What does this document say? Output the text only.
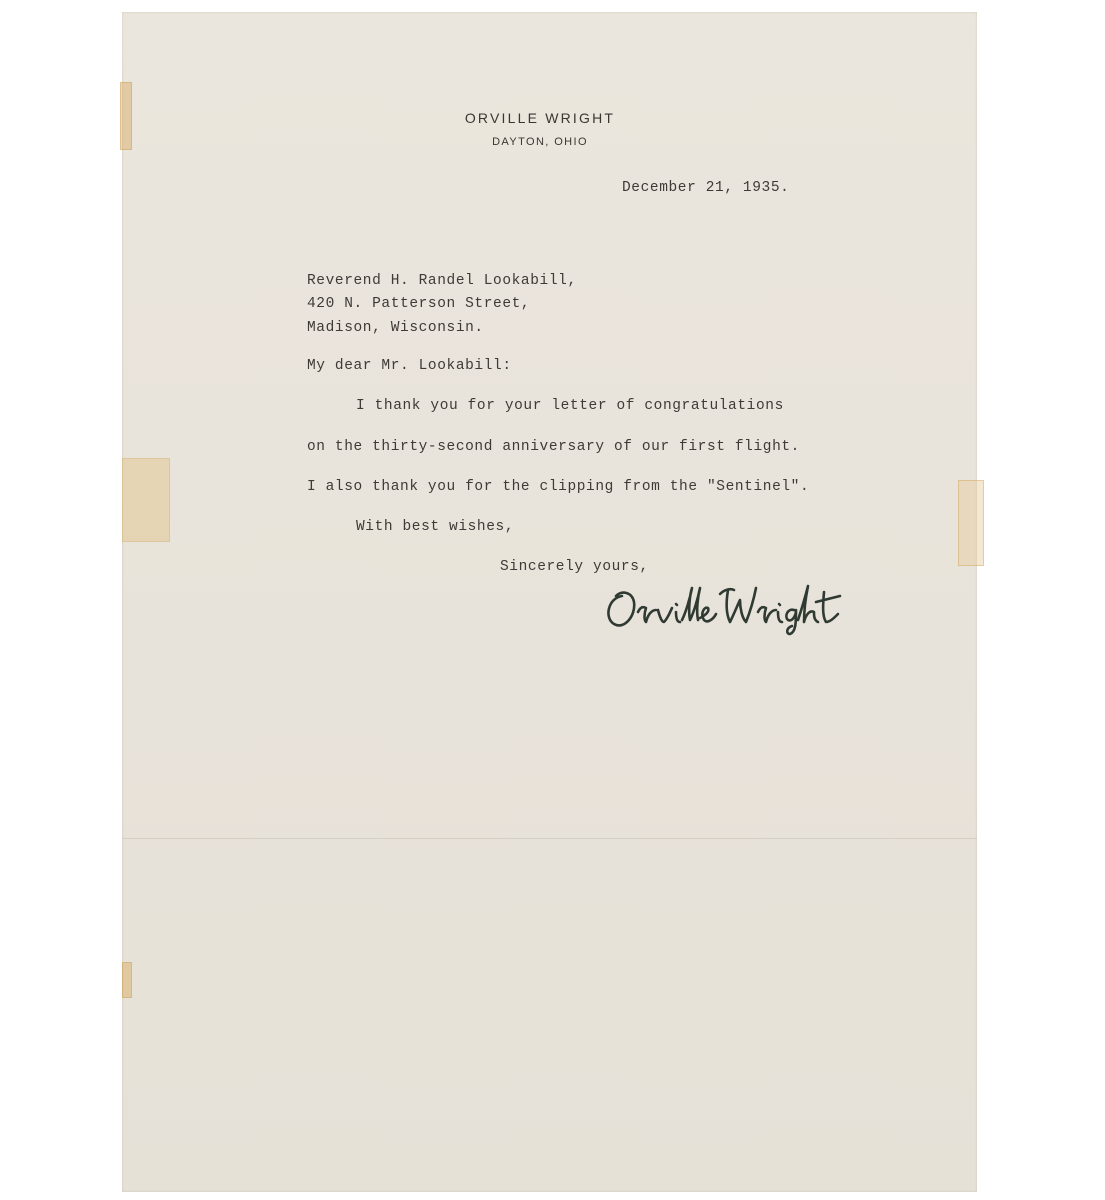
ORVILLE WRIGHT
DAYTON, OHIO
December 21, 1935.
Reverend H. Randel Lookabill,
420 N. Patterson Street,
Madison, Wisconsin.
My dear Mr. Lookabill:
I thank you for your letter of congratulations
on the thirty-second anniversary of our first flight.
I also thank you for the clipping from the "Sentinel".
With best wishes,
Sincerely yours,
